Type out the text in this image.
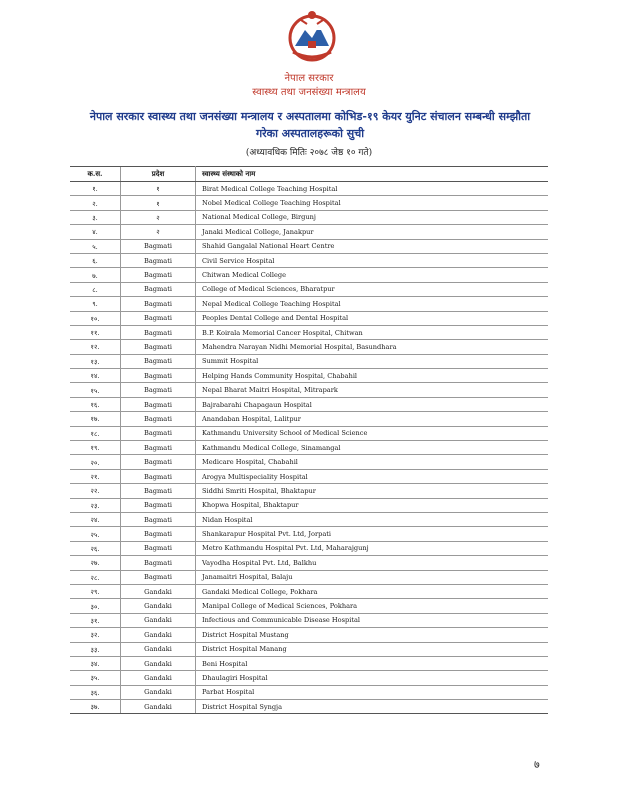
नेपाल सरकार
स्वास्थ्य तथा जनसंख्या मन्त्रालय
नेपाल सरकार स्वास्थ्य तथा जनसंख्या मन्त्रालय र अस्पतालमा कोभिड-१९ केयर युनिट संचालन सम्बन्धी सम्झौता
गरेका अस्पतालहरूको सुची
(अध्यावधिक मितिः २०७८ जेष्ठ १० गते)
क.स.	प्रदेश	स्वास्थ्य संस्थाको नाम
१.	१	Birat Medical College Teaching Hospital
२.	१	Nobel Medical College Teaching Hospital
३.	२	National Medical College, Birgunj
४.	२	Janaki Medical College, Janakpur
५.	Bagmati	Shahid Gangalal National Heart Centre
६.	Bagmati	Civil Service Hospital
७.	Bagmati	Chitwan Medical College
८.	Bagmati	College of Medical Sciences, Bharatpur
९.	Bagmati	Nepal Medical College Teaching Hospital
१०.	Bagmati	Peoples Dental College and Dental Hospital
११.	Bagmati	B.P. Koirala Memorial Cancer Hospital, Chitwan
१२.	Bagmati	Mahendra Narayan Nidhi Memorial Hospital, Basundhara
१३.	Bagmati	Summit Hospital
१४.	Bagmati	Helping Hands Community Hospital, Chabahil
१५.	Bagmati	Nepal Bharat Maitri Hospital, Mitrapark
१६.	Bagmati	Bajrabarahi Chapagaun Hospital
१७.	Bagmati	Anandaban Hospital, Lalitpur
१८.	Bagmati	Kathmandu University School of Medical Science
१९.	Bagmati	Kathmandu Medical College, Sinamangal
२०.	Bagmati	Medicare Hospital, Chabahil
२१.	Bagmati	Arogya Multispeciality Hospital
२२.	Bagmati	Siddhi Smriti Hospital, Bhaktapur
२३.	Bagmati	Khopwa Hospital, Bhaktapur
२४.	Bagmati	Nidan Hospital
२५.	Bagmati	Shankarapur Hospital Pvt. Ltd, Jorpati
२६.	Bagmati	Metro Kathmandu Hospital Pvt. Ltd, Maharajgunj
२७.	Bagmati	Vayodha Hospital Pvt. Ltd, Balkhu
२८.	Bagmati	Janamaitri Hospital, Balaju
२९.	Gandaki	Gandaki Medical College, Pokhara
३०.	Gandaki	Manipal College of Medical Sciences, Pokhara
३१.	Gandaki	Infectious and Communicable Disease Hospital
३२.	Gandaki	District Hospital Mustang
३३.	Gandaki	District Hospital Manang
३४.	Gandaki	Beni Hospital
३५.	Gandaki	Dhaulagiri Hospital
३६.	Gandaki	Parbat Hospital
३७.	Gandaki	District Hospital Syngja
७
